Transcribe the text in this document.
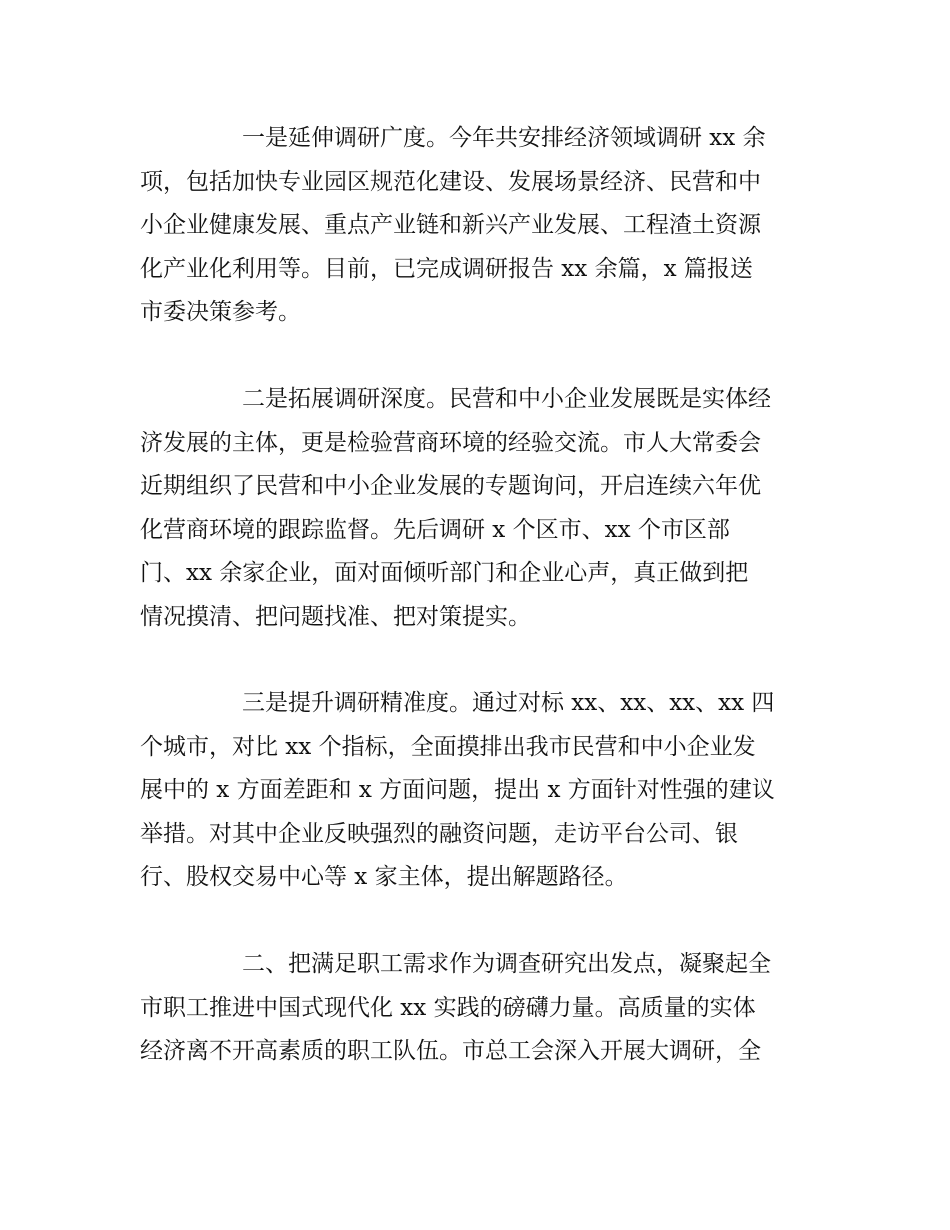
一是延伸调研广度。今年共安排经济领域调研 xx 余
项，包括加快专业园区规范化建设、发展场景经济、民营和中
小企业健康发展、重点产业链和新兴产业发展、工程渣土资源
化产业化利用等。目前，已完成调研报告 xx 余篇，x 篇报送
市委决策参考。
二是拓展调研深度。民营和中小企业发展既是实体经
济发展的主体，更是检验营商环境的经验交流。市人大常委会
近期组织了民营和中小企业发展的专题询问，开启连续六年优
化营商环境的跟踪监督。先后调研 x 个区市、xx 个市区部
门、xx 余家企业，面对面倾听部门和企业心声，真正做到把
情况摸清、把问题找准、把对策提实。
三是提升调研精准度。通过对标 xx、xx、xx、xx 四
个城市，对比 xx 个指标，全面摸排出我市民营和中小企业发
展中的 x 方面差距和 x 方面问题，提出 x 方面针对性强的建议
举措。对其中企业反映强烈的融资问题，走访平台公司、银
行、股权交易中心等 x 家主体，提出解题路径。
二、把满足职工需求作为调查研究出发点，凝聚起全
市职工推进中国式现代化 xx 实践的磅礴力量。高质量的实体
经济离不开高素质的职工队伍。市总工会深入开展大调研，全
